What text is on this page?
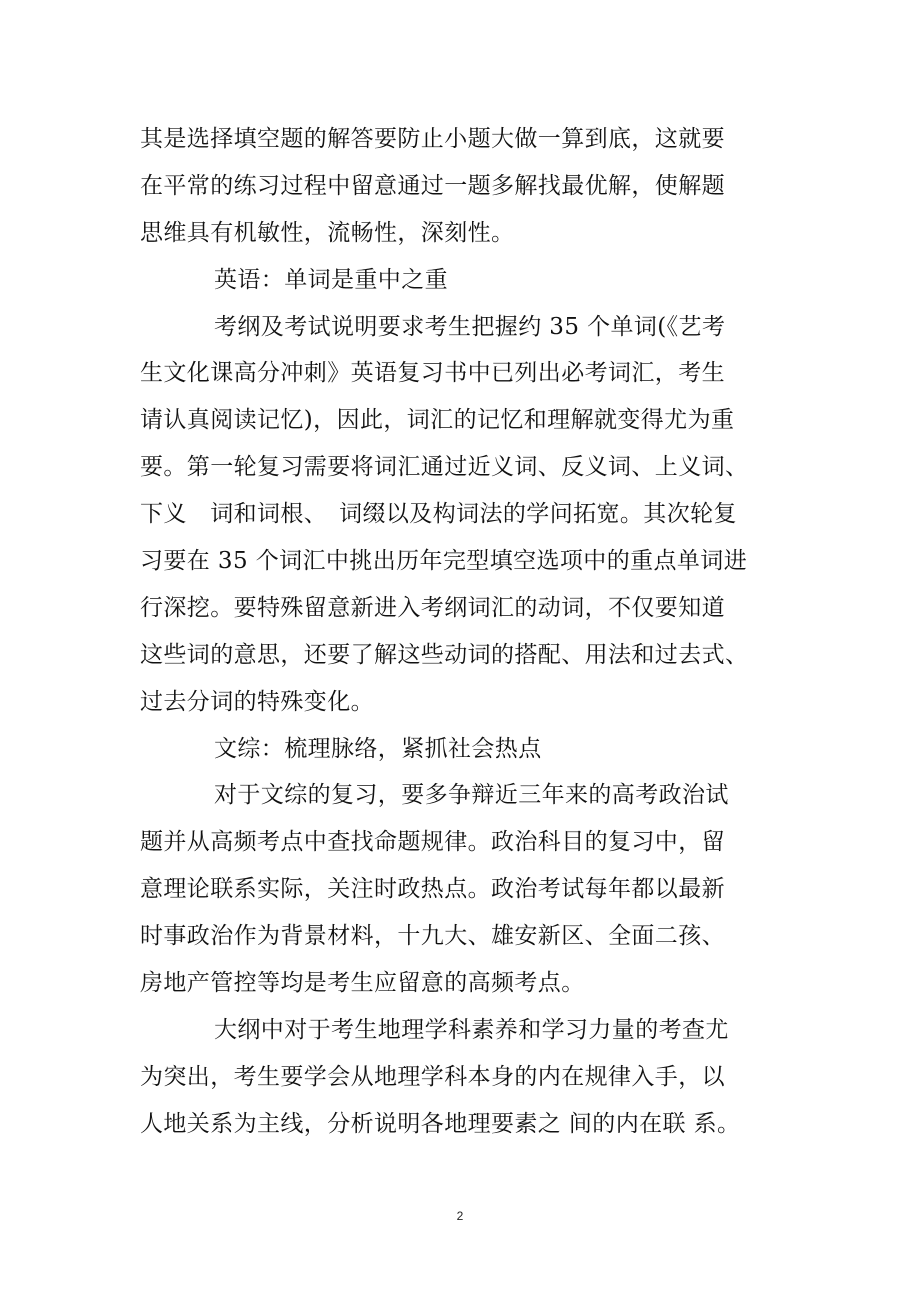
其是选择填空题的解答要防止小题大做一算到底，这就要
在平常的练习过程中留意通过一题多解找最优解，使解题
思维具有机敏性，流畅性，深刻性。
英语：单词是重中之重
考纲及考试说明要求考生把握约 35 个单词(《艺考
生文化课高分冲刺》英语复习书中已列出必考词汇，考生
请认真阅读记忆)，因此，词汇的记忆和理解就变得尤为重
要。第一轮复习需要将词汇通过近义词、反义词、上义词、
下义　词和词根、　词缀以及构词法的学问拓宽。其次轮复
习要在 35 个词汇中挑出历年完型填空选项中的重点单词进
行深挖。要特殊留意新进入考纲词汇的动词，不仅要知道
这些词的意思，还要了解这些动词的搭配、用法和过去式、
过去分词的特殊变化。
文综：梳理脉络，紧抓社会热点
对于文综的复习，要多争辩近三年来的高考政治试
题并从高频考点中查找命题规律。政治科目的复习中，留
意理论联系实际，关注时政热点。政治考试每年都以最新
时事政治作为背景材料，十九大、雄安新区、全面二孩、
房地产管控等均是考生应留意的高频考点。
大纲中对于考生地理学科素养和学习力量的考查尤
为突出，考生要学会从地理学科本身的内在规律入手，以
人地关系为主线，分析说明各地理要素之 间的内在联 系。
2
